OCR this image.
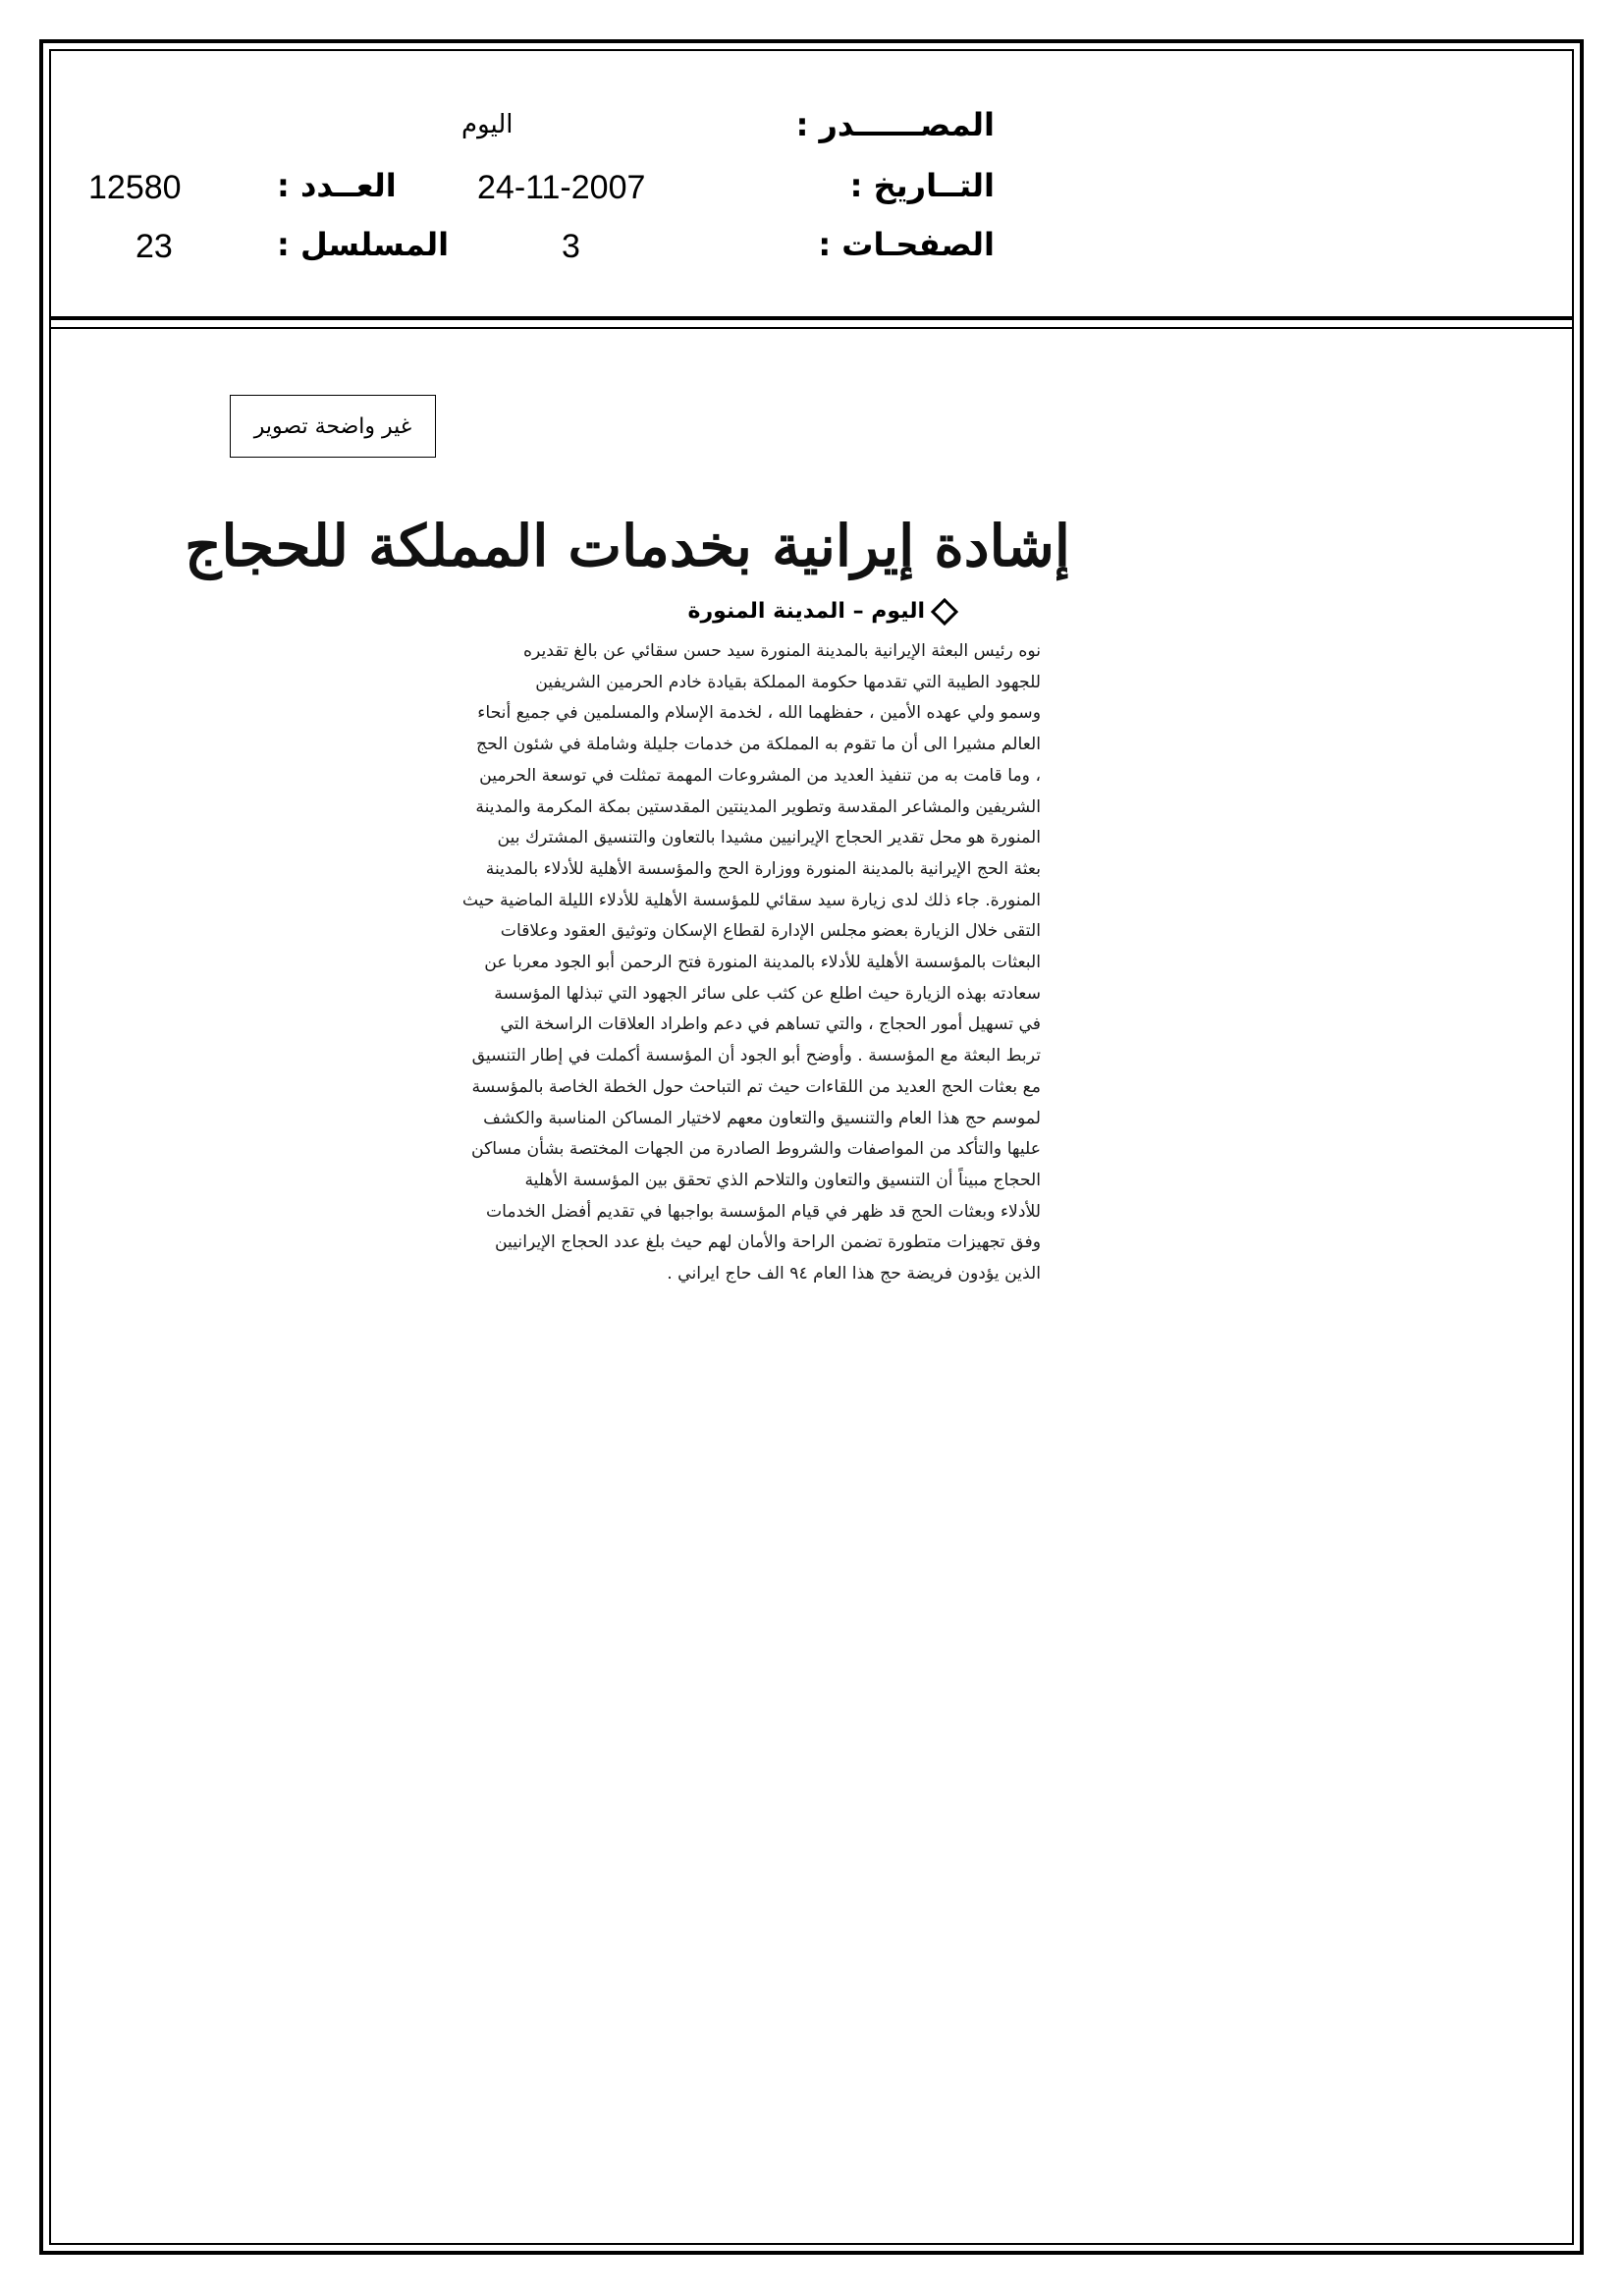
المصــــــدر :
التــاريخ :
الصفحـات :
اليوم
24-11-2007
3
العــدد :
المسلسل :
12580
23
غير واضحة تصوير
إشادة إيرانية بخدمات المملكة للحجاج
اليوم – المدينة المنورة

نوه رئيس البعثة الإيرانية بالمدينة المنورة سيد حسن سقائي عن بالغ تقديره

للجهود الطيبة التي تقدمها حكومة المملكة بقيادة خادم الحرمين الشريفين

وسمو ولي عهده الأمين ، حفظهما الله ، لخدمة الإسلام والمسلمين في جميع أنحاء

العالم مشيرا الى أن ما تقوم به المملكة من خدمات جليلة وشاملة في شئون الحج

، وما قامت به من تنفيذ العديد من المشروعات المهمة تمثلت في توسعة الحرمين

الشريفين والمشاعر المقدسة وتطوير المدينتين المقدستين بمكة المكرمة والمدينة

المنورة هو محل تقدير الحجاج الإيرانيين مشيدا بالتعاون والتنسيق المشترك بين

بعثة الحج الإيرانية بالمدينة المنورة ووزارة الحج والمؤسسة الأهلية للأدلاء بالمدينة

المنورة. جاء ذلك لدى زيارة سيد سقائي للمؤسسة الأهلية للأدلاء الليلة الماضية حيث

التقى خلال الزيارة بعضو مجلس الإدارة لقطاع الإسكان وتوثيق العقود وعلاقات

البعثات بالمؤسسة الأهلية للأدلاء بالمدينة المنورة فتح الرحمن أبو الجود معربا عن

سعادته بهذه الزيارة حيث اطلع عن كثب على سائر الجهود التي تبذلها المؤسسة

في تسهيل أمور الحجاج ، والتي تساهم في دعم واطراد العلاقات الراسخة التي

تربط البعثة مع المؤسسة . وأوضح أبو الجود أن المؤسسة أكملت في إطار التنسيق

مع بعثات الحج العديد من اللقاءات حيث تم التباحث حول الخطة الخاصة بالمؤسسة

لموسم حج هذا العام والتنسيق والتعاون معهم لاختيار المساكن المناسبة والكشف

عليها والتأكد من المواصفات والشروط الصادرة من الجهات المختصة بشأن مساكن

الحجاج مبيناً أن التنسيق والتعاون والتلاحم الذي تحقق بين المؤسسة الأهلية

للأدلاء وبعثات الحج قد ظهر في قيام المؤسسة بواجبها في تقديم أفضل الخدمات

وفق تجهيزات متطورة تضمن الراحة والأمان لهم حيث بلغ عدد الحجاج الإيرانيين

الذين يؤدون فريضة حج هذا العام ٩٤ الف حاج ايراني .
